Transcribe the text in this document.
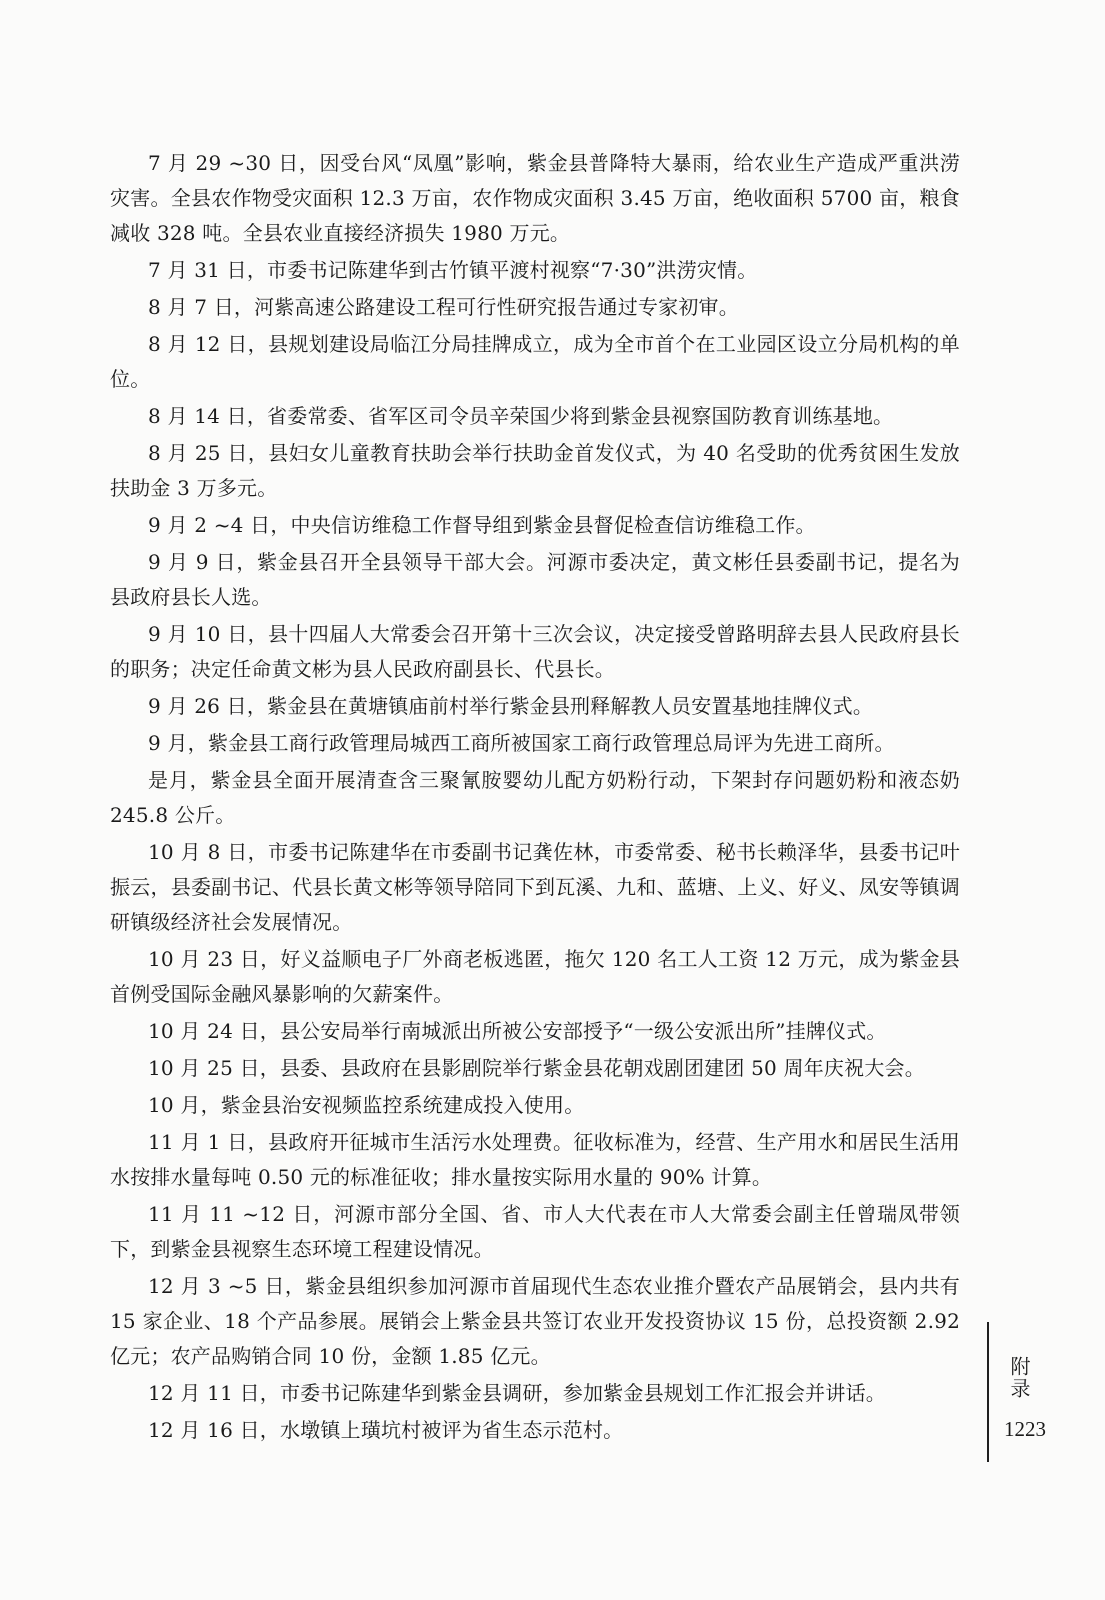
7 月 29 ~30 日，因受台风“凤凰”影响，紫金县普降特大暴雨，给农业生产造成严重洪涝灾害。全县农作物受灾面积 12.3 万亩，农作物成灾面积 3.45 万亩，绝收面积 5700 亩，粮食减收 328 吨。全县农业直接经济损失 1980 万元。

7 月 31 日，市委书记陈建华到古竹镇平渡村视察“7·30”洪涝灾情。

8 月 7 日，河紫高速公路建设工程可行性研究报告通过专家初审。

8 月 12 日，县规划建设局临江分局挂牌成立，成为全市首个在工业园区设立分局机构的单位。

8 月 14 日，省委常委、省军区司令员辛荣国少将到紫金县视察国防教育训练基地。

8 月 25 日，县妇女儿童教育扶助会举行扶助金首发仪式，为 40 名受助的优秀贫困生发放扶助金 3 万多元。

9 月 2 ~4 日，中央信访维稳工作督导组到紫金县督促检查信访维稳工作。

9 月 9 日，紫金县召开全县领导干部大会。河源市委决定，黄文彬任县委副书记，提名为县政府县长人选。

9 月 10 日，县十四届人大常委会召开第十三次会议，决定接受曾路明辞去县人民政府县长的职务；决定任命黄文彬为县人民政府副县长、代县长。

9 月 26 日，紫金县在黄塘镇庙前村举行紫金县刑释解教人员安置基地挂牌仪式。

9 月，紫金县工商行政管理局城西工商所被国家工商行政管理总局评为先进工商所。

是月，紫金县全面开展清查含三聚氰胺婴幼儿配方奶粉行动，下架封存问题奶粉和液态奶 245.8 公斤。

10 月 8 日，市委书记陈建华在市委副书记龚佐林，市委常委、秘书长赖泽华，县委书记叶振云，县委副书记、代县长黄文彬等领导陪同下到瓦溪、九和、蓝塘、上义、好义、凤安等镇调研镇级经济社会发展情况。

10 月 23 日，好义益顺电子厂外商老板逃匿，拖欠 120 名工人工资 12 万元，成为紫金县首例受国际金融风暴影响的欠薪案件。

10 月 24 日，县公安局举行南城派出所被公安部授予“一级公安派出所”挂牌仪式。

10 月 25 日，县委、县政府在县影剧院举行紫金县花朝戏剧团建团 50 周年庆祝大会。

10 月，紫金县治安视频监控系统建成投入使用。

11 月 1 日，县政府开征城市生活污水处理费。征收标准为，经营、生产用水和居民生活用水按排水量每吨 0.50 元的标准征收；排水量按实际用水量的 90% 计算。

11 月 11 ~12 日，河源市部分全国、省、市人大代表在市人大常委会副主任曾瑞凤带领下，到紫金县视察生态环境工程建设情况。

12 月 3 ~5 日，紫金县组织参加河源市首届现代生态农业推介暨农产品展销会，县内共有 15 家企业、18 个产品参展。展销会上紫金县共签订农业开发投资协议 15 份，总投资额 2.92 亿元；农产品购销合同 10 份，金额 1.85 亿元。

12 月 11 日，市委书记陈建华到紫金县调研，参加紫金县规划工作汇报会并讲话。

12 月 16 日，水墩镇上璜坑村被评为省生态示范村。

附录
1223
